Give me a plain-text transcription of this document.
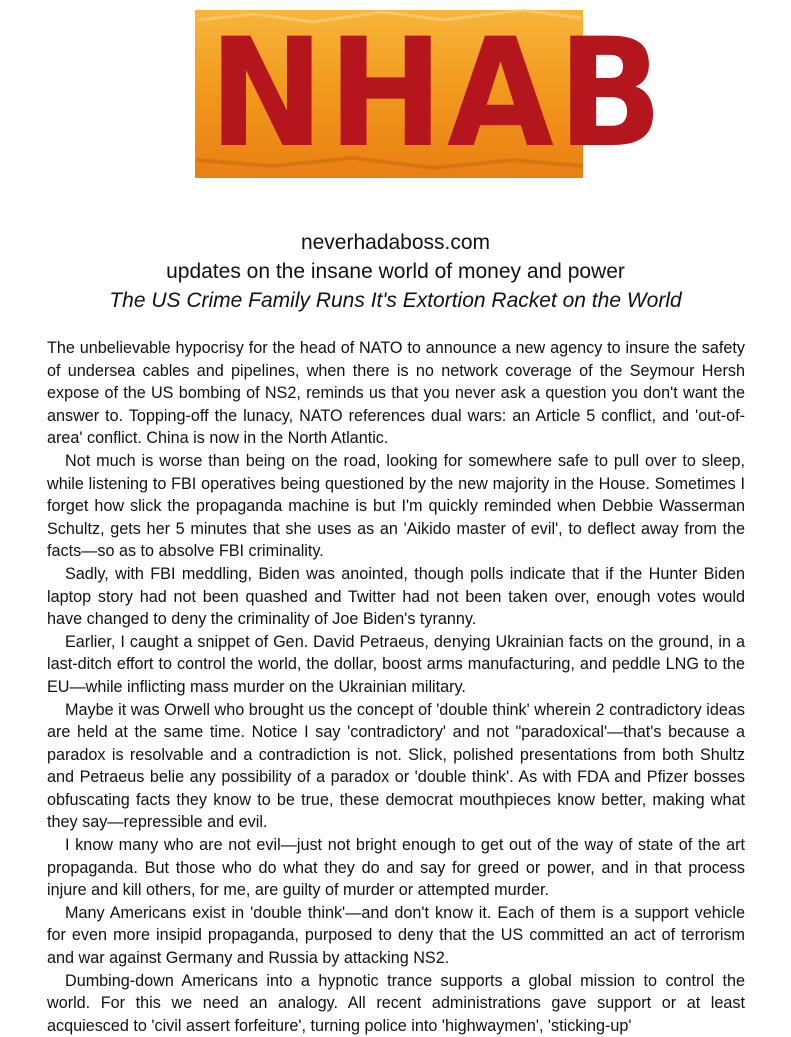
NHAB
neverhadaboss.com
updates on the insane world of money and power
The US Crime Family Runs It's Extortion Racket on the World

The unbelievable hypocrisy for the head of NATO to announce a new agency to insure the safety of undersea cables and pipelines, when there is no network coverage of the Seymour Hersh expose of the US bombing of NS2, reminds us that you never ask a question you don't want the answer to. Topping-off the lunacy, NATO references dual wars: an Article 5 conflict, and 'out-of-area' conflict. China is now in the North Atlantic.

Not much is worse than being on the road, looking for somewhere safe to pull over to sleep, while listening to FBI operatives being questioned by the new majority in the House. Sometimes I forget how slick the propaganda machine is but I'm quickly reminded when Debbie Wasserman Schultz, gets her 5 minutes that she uses as an 'Aikido master of evil', to deflect away from the facts—so as to absolve FBI criminality.

Sadly, with FBI meddling, Biden was anointed, though polls indicate that if the Hunter Biden laptop story had not been quashed and Twitter had not been taken over, enough votes would have changed to deny the criminality of Joe Biden's tyranny.

Earlier, I caught a snippet of Gen. David Petraeus, denying Ukrainian facts on the ground, in a last-ditch effort to control the world, the dollar, boost arms manufacturing, and peddle LNG to the EU—while inflicting mass murder on the Ukrainian military.

Maybe it was Orwell who brought us the concept of 'double think' wherein 2 contradictory ideas are held at the same time. Notice I say 'contradictory' and not "paradoxical'—that's because a paradox is resolvable and a contradiction is not. Slick, polished presentations from both Shultz and Petraeus belie any possibility of a paradox or 'double think'. As with FDA and Pfizer bosses obfuscating facts they know to be true, these democrat mouthpieces know better, making what they say—repressible and evil.

I know many who are not evil—just not bright enough to get out of the way of state of the art propaganda. But those who do what they do and say for greed or power, and in that process injure and kill others, for me, are guilty of murder or attempted murder.

Many Americans exist in 'double think'—and don't know it. Each of them is a support vehicle for even more insipid propaganda, purposed to deny that the US committed an act of terrorism and war against Germany and Russia by attacking NS2.

Dumbing-down Americans into a hypnotic trance supports a global mission to control the world. For this we need an analogy. All recent administrations gave support or at least acquiesced to 'civil assert forfeiture', turning police into 'highwaymen', 'sticking-up'
